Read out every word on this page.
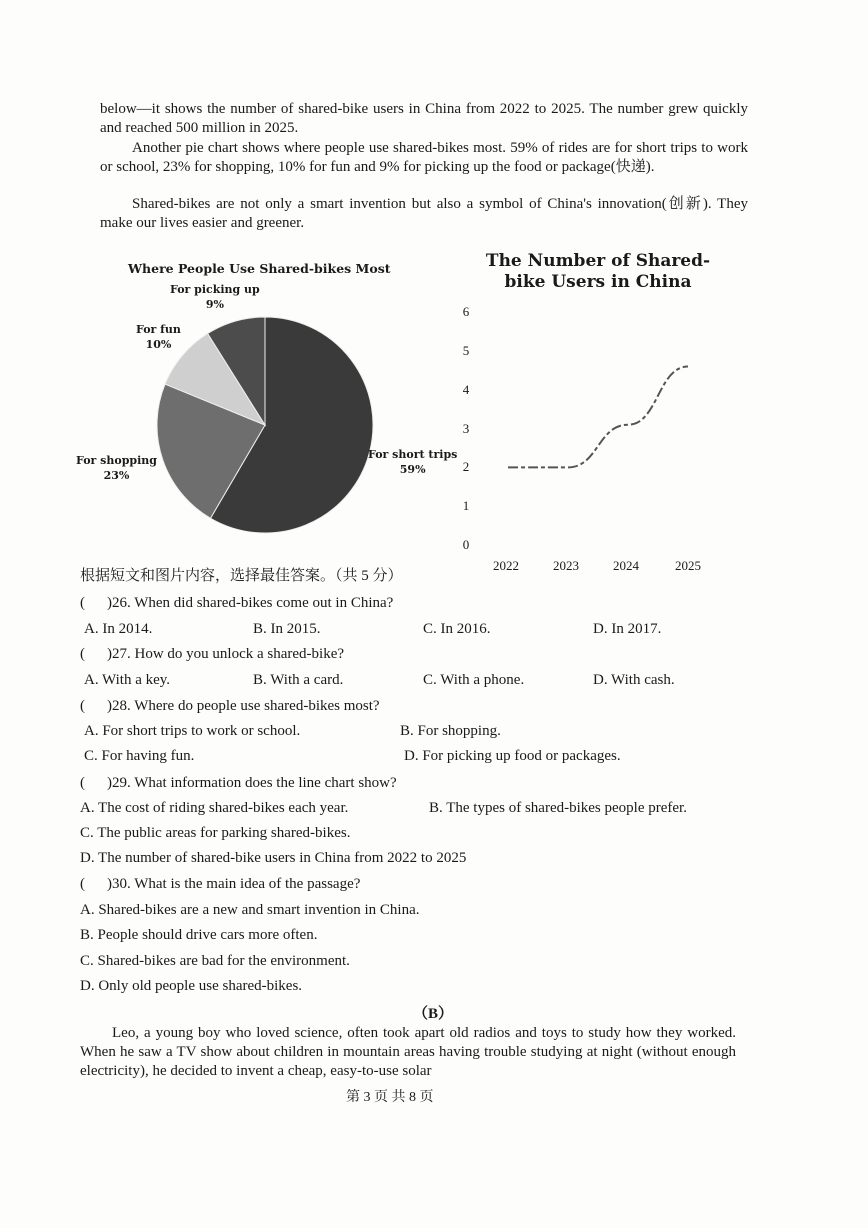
below—it shows the number of shared-bike users in China from 2022 to 2025. The number grew quickly and reached 500 million in 2025.

Another pie chart shows where people use shared-bikes most. 59% of rides are for short trips to work or school, 23% for shopping, 10% for fun and 9% for picking up the food or package(快递).

Shared-bikes are not only a smart invention but also a symbol of China's innovation(创新). They make our lives easier and greener.

Where People Use Shared-bikes Most
For picking up
9%
For fun
10%
For shopping
23%
For short trips
59%
The Number of Shared-bike Users in China
6
5
4
3
2
1
0
2022	2023	2024	2025
根据短文和图片内容，选择最佳答案。（共 5 分）
( )26. When did shared-bikes come out in China?
A. In 2014.	B. In 2015.	C. In 2016.	D. In 2017.
( )27. How do you unlock a shared-bike?
A. With a key.	B. With a card.	C. With a phone.	D. With cash.
( )28. Where do people use shared-bikes most?
A. For short trips to work or school.	B. For shopping.
C. For having fun.	D. For picking up food or packages.
( )29. What information does the line chart show?
A. The cost of riding shared-bikes each year.	B. The types of shared-bikes people prefer.
C. The public areas for parking shared-bikes.
D. The number of shared-bike users in China from 2022 to 2025
( )30. What is the main idea of the passage?
A. Shared-bikes are a new and smart invention in China.
B. People should drive cars more often.
C. Shared-bikes are bad for the environment.
D. Only old people use shared-bikes.
（B）

Leo, a young boy who loved science, often took apart old radios and toys to study how they worked. When he saw a TV show about children in mountain areas having trouble studying at night (without enough electricity), he decided to invent a cheap, easy-to-use solar

第 3 页 共 8 页
